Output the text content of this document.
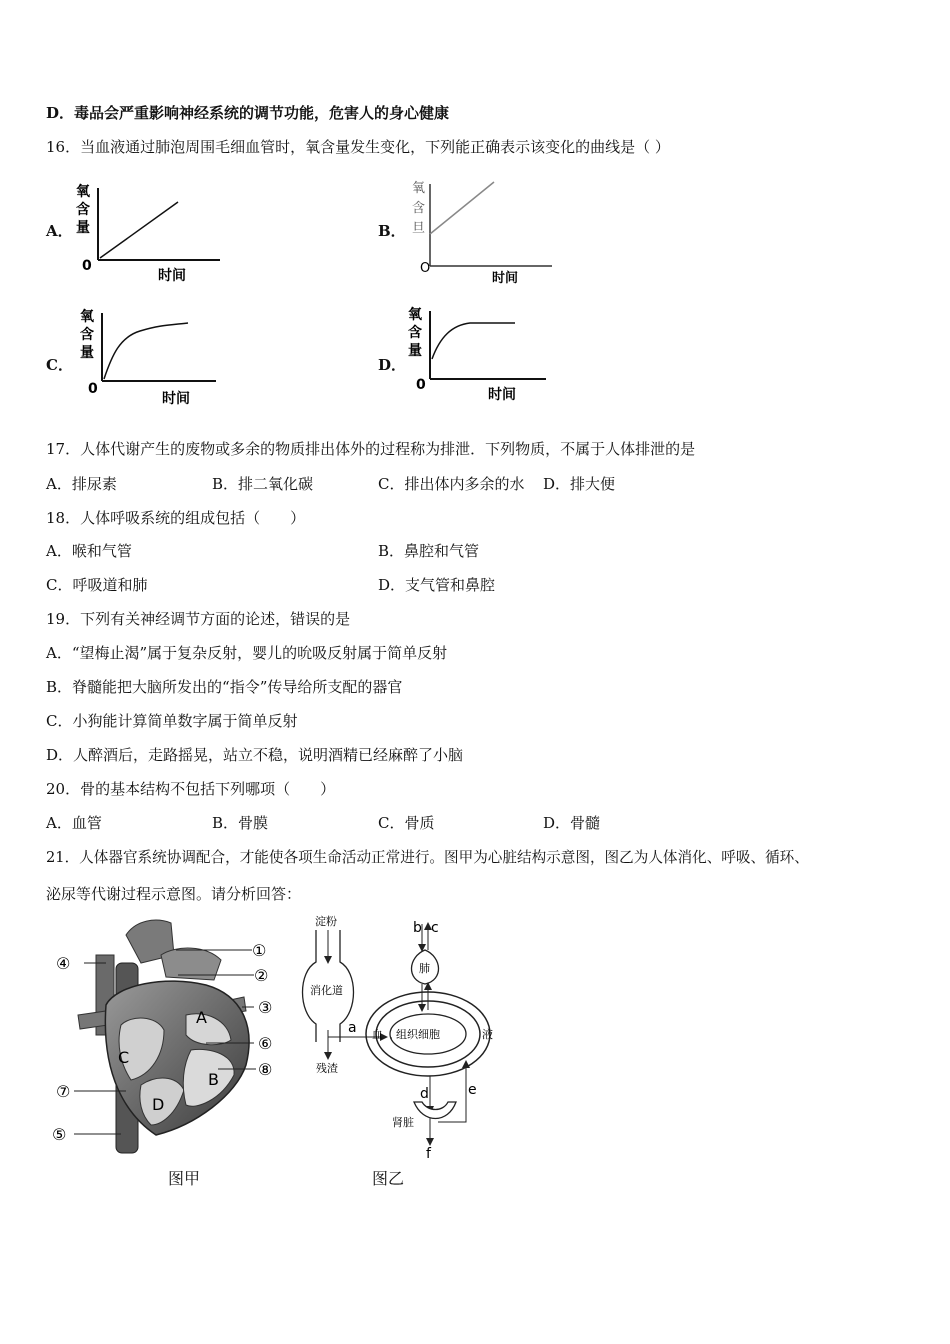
D．毒品会严重影响神经系统的调节功能，危害人的身心健康
16．当血液通过肺泡周围毛细血管时，氧含量发生变化，下列能正确表示该变化的曲线是（ ）
A．	B．
C．	D．
氧
含
量
0
时间
氧
含
旦
O
时间
氧
含
量
0
时间
氧
含
量
0
时间
17．人体代谢产生的废物或多余的物质排出体外的过程称为排泄．下列物质，不属于人体排泄的是
A．排尿素	B．排二氧化碳	C．排出体内多余的水 D．排大便
18．人体呼吸系统的组成包括（　　）
A．喉和气管	B．鼻腔和气管
C．呼吸道和肺	D．支气管和鼻腔
19．下列有关神经调节方面的论述，错误的是
A．“望梅止渴”属于复杂反射，婴儿的吮吸反射属于简单反射
B．脊髓能把大脑所发出的“指令”传导给所支配的器官
C．小狗能计算简单数字属于简单反射
D．人醉酒后，走路摇晃，站立不稳，说明酒精已经麻醉了小脑
20．骨的基本结构不包括下列哪项（　　）
A．血管	B．骨膜	C．骨质	D．骨髓
21．人体器官系统协调配合，才能使各项生命活动正常进行。图甲为心脏结构示意图，图乙为人体消化、呼吸、循环、
泌尿等代谢过程示意图。请分析回答：
①
②
③
④
⑤
⑥
⑦
⑧
A
B
C
D
图甲
淀粉
消化道
残渣
a
b c
肺
组织细胞
血	液
d
肾脏
e
f
图乙
